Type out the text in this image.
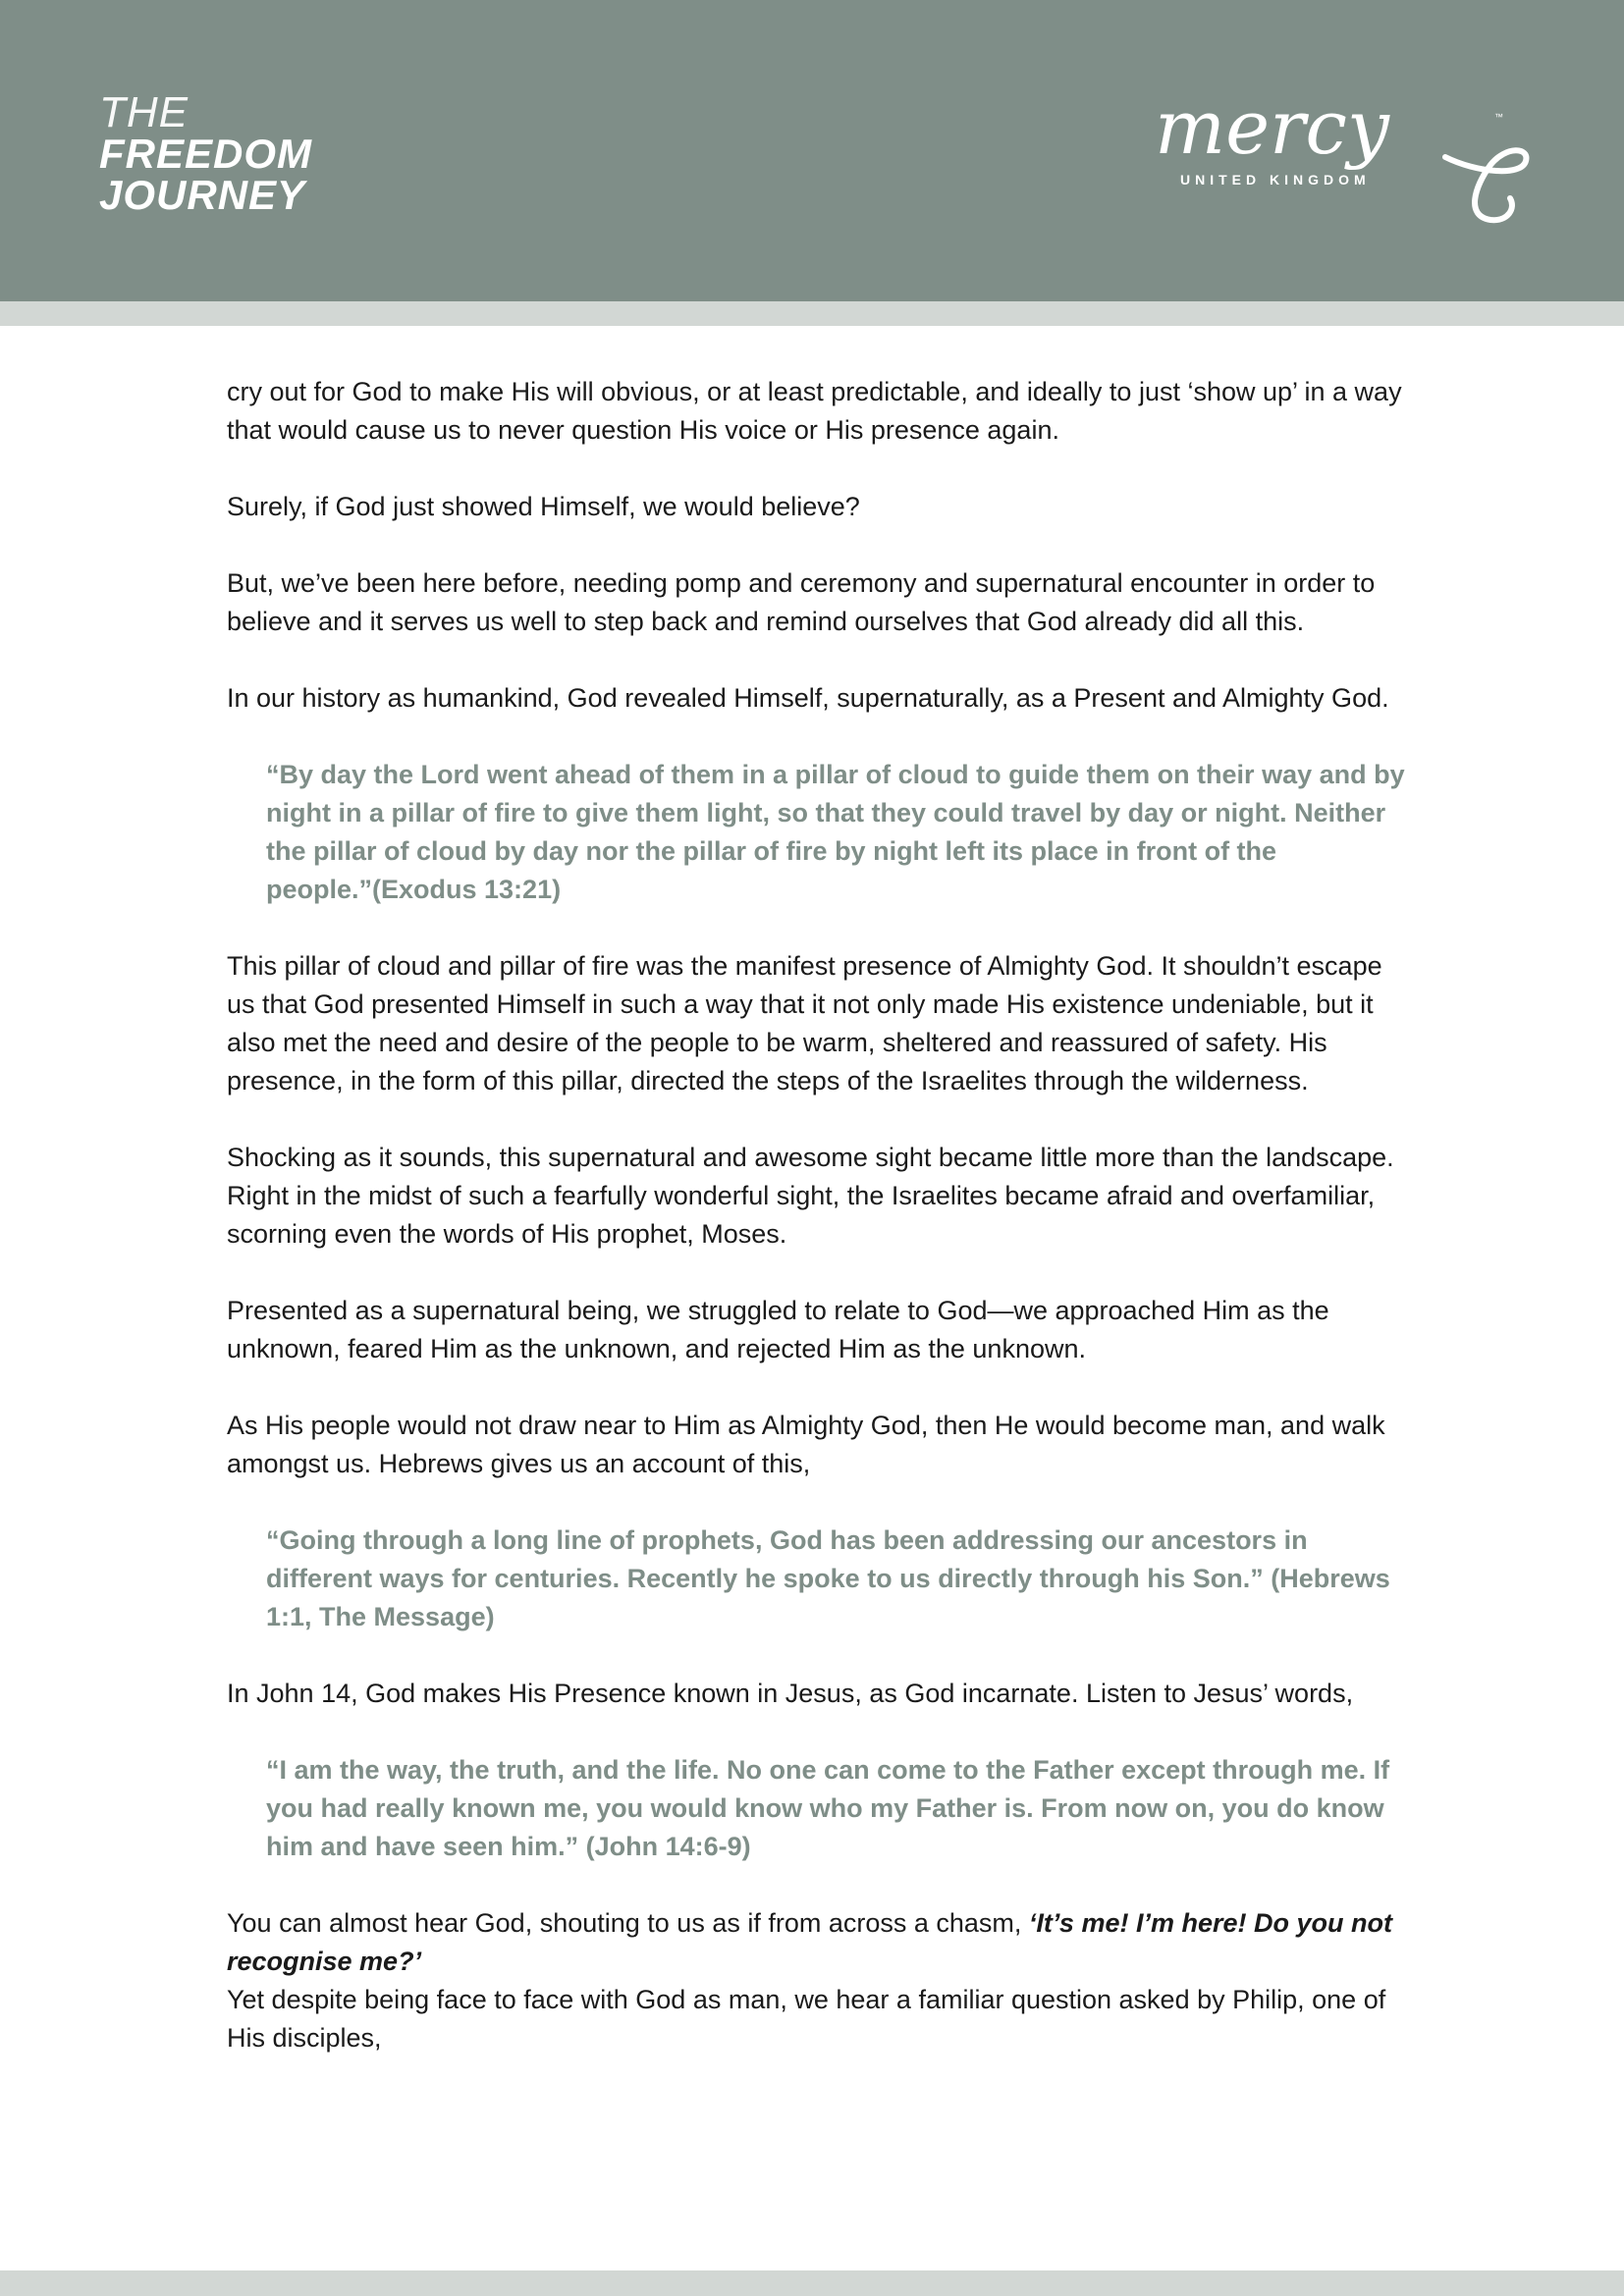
THE
FREEDOM
JOURNEY
mercy
UNITED KINGDOM
™

cry out for God to make His will obvious, or at least predictable, and ideally to just ‘show up’ in a way that would cause us to never question His voice or His presence again.

Surely, if God just showed Himself, we would believe?

But, we’ve been here before, needing pomp and ceremony and supernatural encounter in order to believe and it serves us well to step back and remind ourselves that God already did all this.

In our history as humankind, God revealed Himself, supernaturally, as a Present and Almighty God.

“By day the Lord went ahead of them in a pillar of cloud to guide them on their way and by night in a pillar of fire to give them light, so that they could travel by day or night. Neither the pillar of cloud by day nor the pillar of fire by night left its place in front of the people.”(Exodus 13:21)

This pillar of cloud and pillar of fire was the manifest presence of Almighty God. It shouldn’t escape us that God presented Himself in such a way that it not only made His existence undeniable, but it also met the need and desire of the people to be warm, sheltered and reassured of safety. His presence, in the form of this pillar, directed the steps of the Israelites through the wilderness.

Shocking as it sounds, this supernatural and awesome sight became little more than the landscape. Right in the midst of such a fearfully wonderful sight, the Israelites became afraid and overfamiliar, scorning even the words of His prophet, Moses.

Presented as a supernatural being, we struggled to relate to God—we approached Him as the unknown, feared Him as the unknown, and rejected Him as the unknown.

As His people would not draw near to Him as Almighty God, then He would become man, and walk amongst us. Hebrews gives us an account of this,

“Going through a long line of prophets, God has been addressing our ancestors in different ways for centuries. Recently he spoke to us directly through his Son.” (Hebrews 1:1, The Message)

In John 14, God makes His Presence known in Jesus, as God incarnate. Listen to Jesus’ words,

“I am the way, the truth, and the life. No one can come to the Father except through me. If you had really known me, you would know who my Father is. From now on, you do know him and have seen him.” (John 14:6-9)

You can almost hear God, shouting to us as if from across a chasm, ‘It’s me! I’m here! Do you not recognise me?’

Yet despite being face to face with God as man, we hear a familiar question asked by Philip, one of His disciples,
